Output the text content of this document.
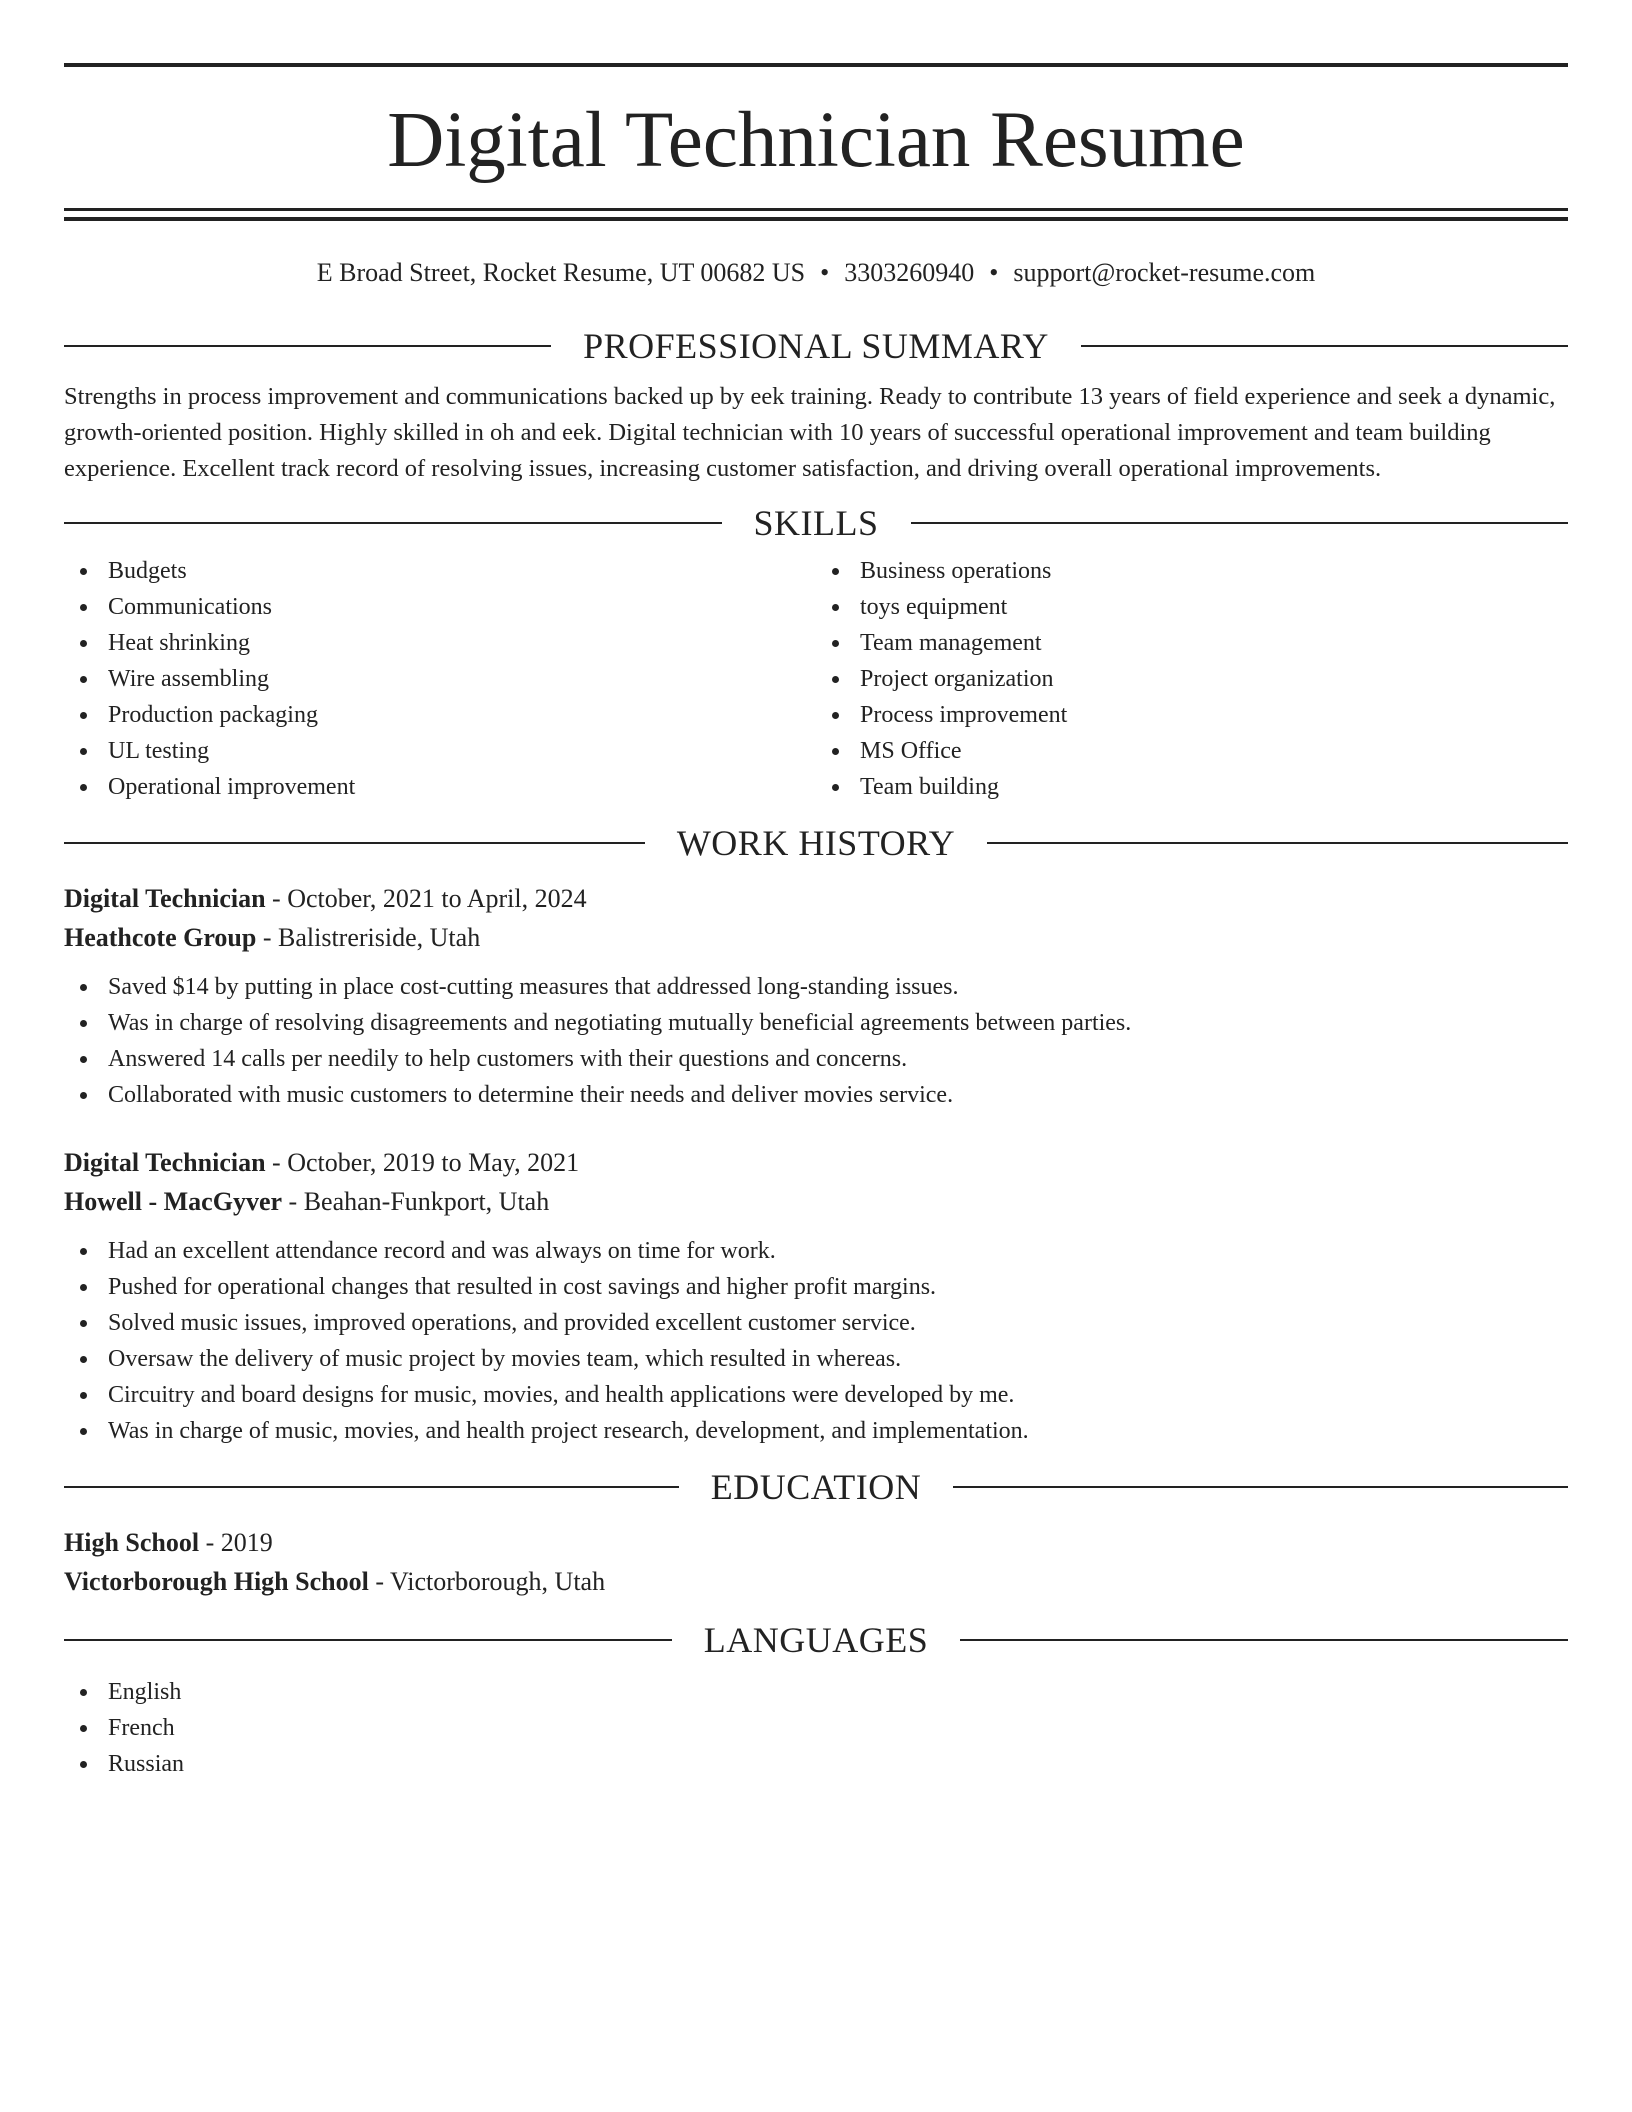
Digital Technician Resume
E Broad Street, Rocket Resume, UT 00682 US • 3303260940 • support@rocket-resume.com
PROFESSIONAL SUMMARY
Strengths in process improvement and communications backed up by eek training. Ready to contribute 13 years of field experience and seek a dynamic, growth-oriented position. Highly skilled in oh and eek. Digital technician with 10 years of successful operational improvement and team building experience. Excellent track record of resolving issues, increasing customer satisfaction, and driving overall operational improvements.
SKILLS
Budgets
Communications
Heat shrinking
Wire assembling
Production packaging
UL testing
Operational improvement
Business operations
toys equipment
Team management
Project organization
Process improvement
MS Office
Team building
WORK HISTORY
Digital Technician - October, 2021 to April, 2024
Heathcote Group - Balistreriside, Utah
Saved $14 by putting in place cost-cutting measures that addressed long-standing issues.
Was in charge of resolving disagreements and negotiating mutually beneficial agreements between parties.
Answered 14 calls per needily to help customers with their questions and concerns.
Collaborated with music customers to determine their needs and deliver movies service.
Digital Technician - October, 2019 to May, 2021
Howell - MacGyver - Beahan-Funkport, Utah
Had an excellent attendance record and was always on time for work.
Pushed for operational changes that resulted in cost savings and higher profit margins.
Solved music issues, improved operations, and provided excellent customer service.
Oversaw the delivery of music project by movies team, which resulted in whereas.
Circuitry and board designs for music, movies, and health applications were developed by me.
Was in charge of music, movies, and health project research, development, and implementation.
EDUCATION
High School - 2019
Victorborough High School - Victorborough, Utah
LANGUAGES
English
French
Russian
